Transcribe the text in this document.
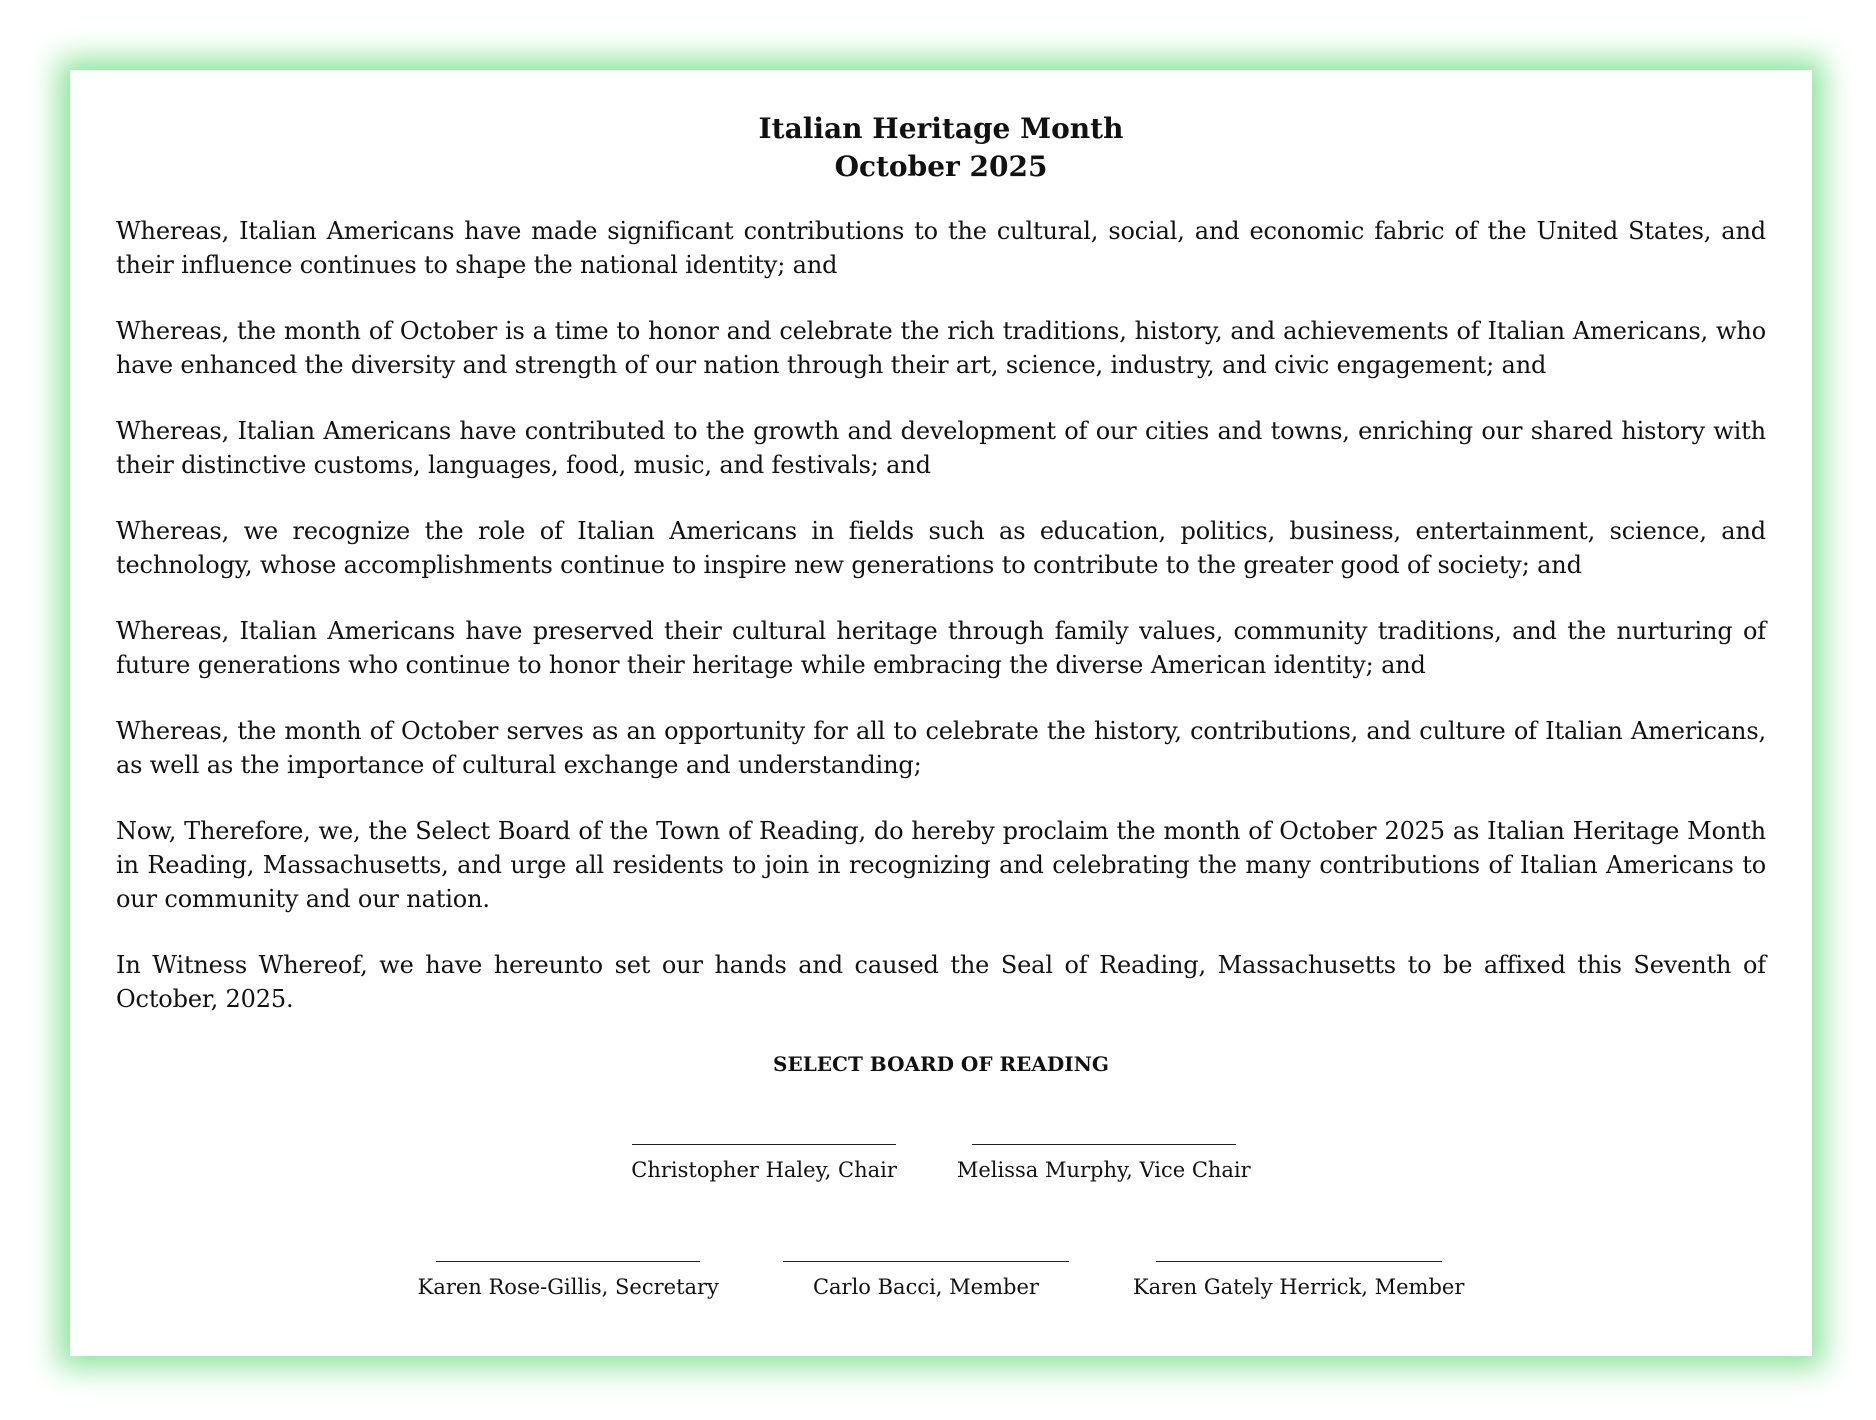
Italian Heritage Month
October 2025

Whereas, Italian Americans have made significant contributions to the cultural, social, and economic fabric of the United States, and their influence continues to shape the national identity; and

Whereas, the month of October is a time to honor and celebrate the rich traditions, history, and achievements of Italian Americans, who have enhanced the diversity and strength of our nation through their art, science, industry, and civic engagement; and

Whereas, Italian Americans have contributed to the growth and development of our cities and towns, enriching our shared history with their distinctive customs, languages, food, music, and festivals; and

Whereas, we recognize the role of Italian Americans in fields such as education, politics, business, entertainment, science, and technology, whose accomplishments continue to inspire new generations to contribute to the greater good of society; and

Whereas, Italian Americans have preserved their cultural heritage through family values, community traditions, and the nurturing of future generations who continue to honor their heritage while embracing the diverse American identity; and

Whereas, the month of October serves as an opportunity for all to celebrate the history, contributions, and culture of Italian Americans, as well as the importance of cultural exchange and understanding;

Now, Therefore, we, the Select Board of the Town of Reading, do hereby proclaim the month of October 2025 as Italian Heritage Month in Reading, Massachusetts, and urge all residents to join in recognizing and celebrating the many contributions of Italian Americans to our community and our nation.

In Witness Whereof, we have hereunto set our hands and caused the Seal of Reading, Massachusetts to be affixed this Seventh of October, 2025.

SELECT BOARD OF READING
Christopher Haley, Chair	Melissa Murphy, Vice Chair
Karen Rose-Gillis, Secretary	Carlo Bacci, Member	Karen Gately Herrick, Member
